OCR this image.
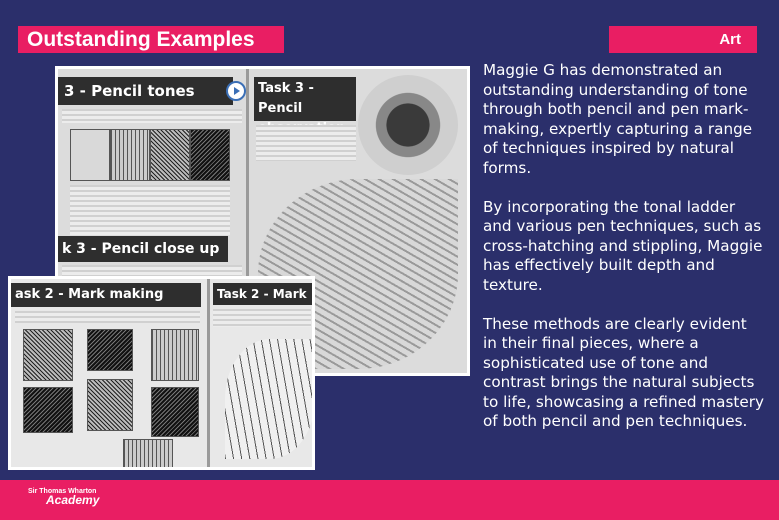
Outstanding Examples	Art
3 - Pencil tones
k 3 - Pencil close up
Task 3 - Pencil
ask 2 - Mark making	Task 2 - Mark

Maggie G has demonstrated an outstanding understanding of tone through both pencil and pen mark-making, expertly capturing a range of techniques inspired by natural forms.

By incorporating the tonal ladder and various pen techniques, such as cross-hatching and stippling, Maggie has effectively built depth and texture.

These methods are clearly evident in their final pieces, where a sophisticated use of tone and contrast brings the natural subjects to life, showcasing a refined mastery of both pencil and pen techniques.

Sir Thomas Wharton
Academy
